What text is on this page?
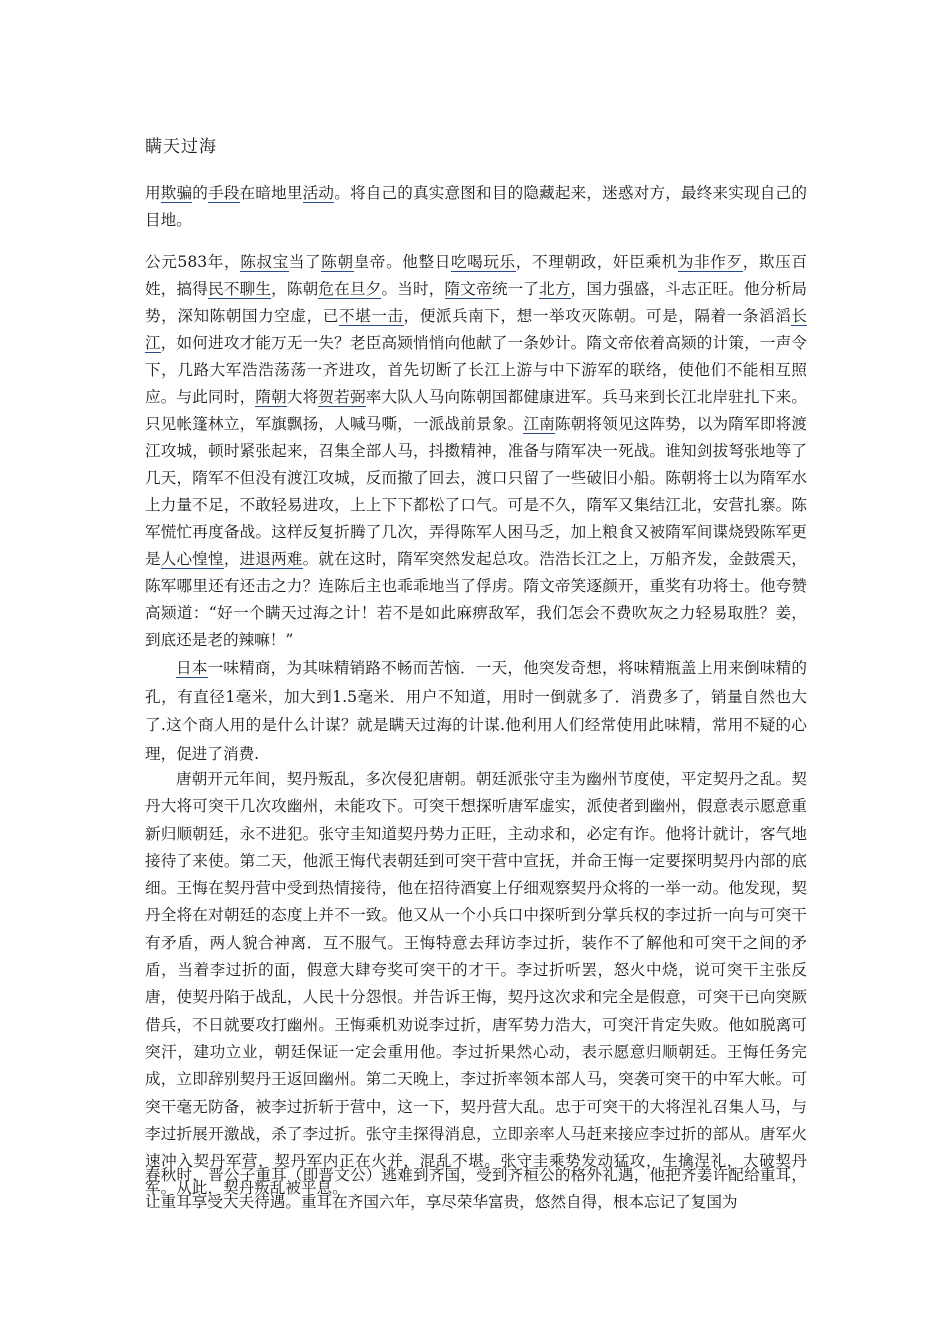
瞒天过海
用欺骗的手段在暗地里活动。将自己的真实意图和目的隐藏起来，迷惑对方，最终来实现自己的目地。
公元583年，陈叔宝当了陈朝皇帝。他整日吃喝玩乐，不理朝政，奸臣乘机为非作歹，欺压百姓，搞得民不聊生，陈朝危在旦夕。当时，隋文帝统一了北方，国力强盛，斗志正旺。他分析局势，深知陈朝国力空虚，已不堪一击，便派兵南下，想一举攻灭陈朝。可是，隔着一条滔滔长江，如何进攻才能万无一失？老臣高颎悄悄向他献了一条妙计。隋文帝依着高颎的计策，一声令下，几路大军浩浩荡荡一齐进攻，首先切断了长江上游与中下游军的联络，使他们不能相互照应。与此同时，隋朝大将贺若弼率大队人马向陈朝国都健康进军。兵马来到长江北岸驻扎下来。只见帐篷林立，军旗飘扬，人喊马嘶，一派战前景象。江南陈朝将领见这阵势，以为隋军即将渡江攻城，顿时紧张起来，召集全部人马，抖擞精神，准备与隋军决一死战。谁知剑拔弩张地等了几天，隋军不但没有渡江攻城，反而撤了回去，渡口只留了一些破旧小船。陈朝将士以为隋军水上力量不足，不敢轻易进攻，上上下下都松了口气。可是不久，隋军又集结江北，安营扎寨。陈军慌忙再度备战。这样反复折腾了几次，弄得陈军人困马乏，加上粮食又被隋军间谍烧毁陈军更是人心惶惶，进退两难。就在这时，隋军突然发起总攻。浩浩长江之上，万船齐发，金鼓震天，陈军哪里还有还击之力？连陈后主也乖乖地当了俘虏。隋文帝笑逐颜开，重奖有功将士。他夸赞高颎道：“好一个瞒天过海之计！若不是如此麻痹敌军，我们怎会不费吹灰之力轻易取胜？姜，到底还是老的辣嘛！”
日本一味精商，为其味精销路不畅而苦恼．一天，他突发奇想，将味精瓶盖上用来倒味精的孔，有直径1毫米，加大到1.5毫米．用户不知道，用时一倒就多了．消费多了，销量自然也大了.这个商人用的是什么计谋？就是瞒天过海的计谋.他利用人们经常使用此味精，常用不疑的心理，促进了消费.
唐朝开元年间，契丹叛乱，多次侵犯唐朝。朝廷派张守圭为幽州节度使，平定契丹之乱。契丹大将可突干几次攻幽州，未能攻下。可突干想探听唐军虚实，派使者到幽州，假意表示愿意重新归顺朝廷，永不进犯。张守圭知道契丹势力正旺，主动求和，必定有诈。他将计就计，客气地接待了来使。第二天，他派王悔代表朝廷到可突干营中宣抚，并命王悔一定要探明契丹内部的底细。王悔在契丹营中受到热情接待，他在招待酒宴上仔细观察契丹众将的一举一动。他发现，契丹全将在对朝廷的态度上并不一致。他又从一个小兵口中探听到分掌兵权的李过折一向与可突干有矛盾，两人貌合神离．互不服气。王悔特意去拜访李过折，装作不了解他和可突干之间的矛盾，当着李过折的面，假意大肆夸奖可突干的才干。李过折听罢，怒火中烧，说可突干主张反唐，使契丹陷于战乱，人民十分怨恨。并告诉王悔，契丹这次求和完全是假意，可突干已向突厥借兵，不日就要攻打幽州。王悔乘机劝说李过折，唐军势力浩大，可突汗肯定失败。他如脱离可突汗，建功立业，朝廷保证一定会重用他。李过折果然心动，表示愿意归顺朝廷。王悔任务完成，立即辞别契丹王返回幽州。第二天晚上，李过折率领本部人马，突袭可突干的中军大帐。可突干毫无防备，被李过折斩于营中，这一下，契丹营大乱。忠于可突干的大将涅礼召集人马，与李过折展开激战，杀了李过折。张守圭探得消息，立即亲率人马赶来接应李过折的部从。唐军火速冲入契丹军营，契丹军内正在火并，混乱不堪。张守圭乘势发动猛攻，生擒涅礼，大破契丹军。从此，契丹叛乱被平息。
春秋时，晋公子重耳（即晋文公）逃难到齐国，受到齐桓公的格外礼遇，他把齐姜许配给重耳，让重耳享受大夫待遇。重耳在齐国六年，享尽荣华富贵，悠然自得，根本忘记了复国为
